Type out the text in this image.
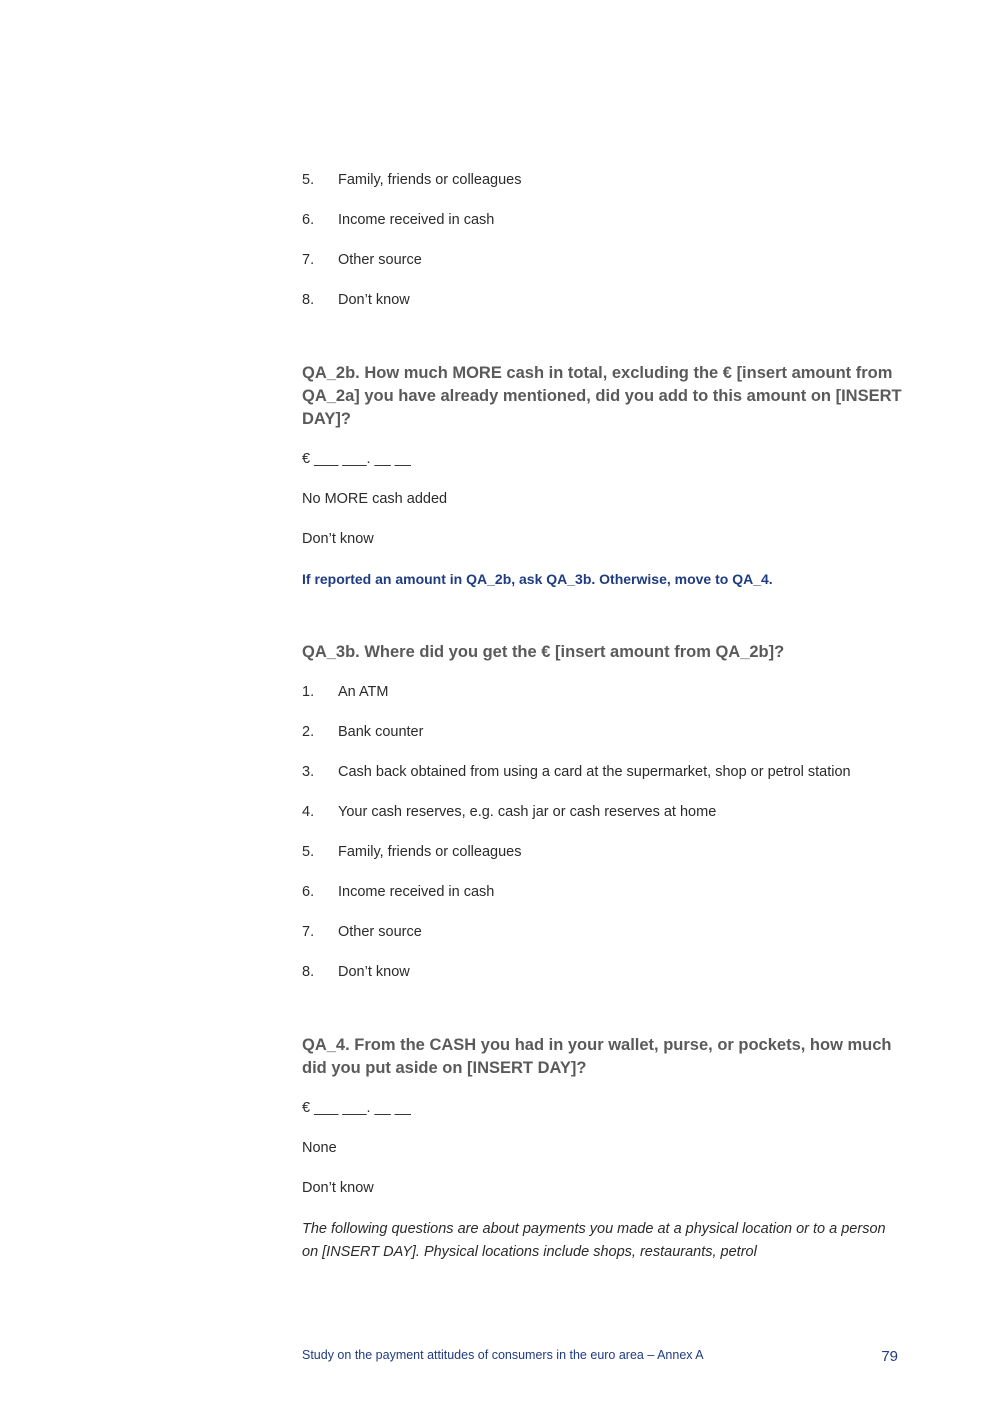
5.	Family, friends or colleagues
6.	Income received in cash
7.	Other source
8.	Don’t know
QA_2b. How much MORE cash in total, excluding the € [insert amount from QA_2a] you have already mentioned, did you add to this amount on [INSERT DAY]?
€ ___ ___. __ __
No MORE cash added
Don’t know
If reported an amount in QA_2b, ask QA_3b. Otherwise, move to QA_4.
QA_3b. Where did you get the € [insert amount from QA_2b]?
1.	An ATM
2.	Bank counter
3.	Cash back obtained from using a card at the supermarket, shop or petrol station
4.	Your cash reserves, e.g. cash jar or cash reserves at home
5.	Family, friends or colleagues
6.	Income received in cash
7.	Other source
8.	Don’t know
QA_4. From the CASH you had in your wallet, purse, or pockets, how much did you put aside on [INSERT DAY]?
€ ___ ___. __ __
None
Don’t know
The following questions are about payments you made at a physical location or to a person on [INSERT DAY]. Physical locations include shops, restaurants, petrol
Study on the payment attitudes of consumers in the euro area – Annex A	79
